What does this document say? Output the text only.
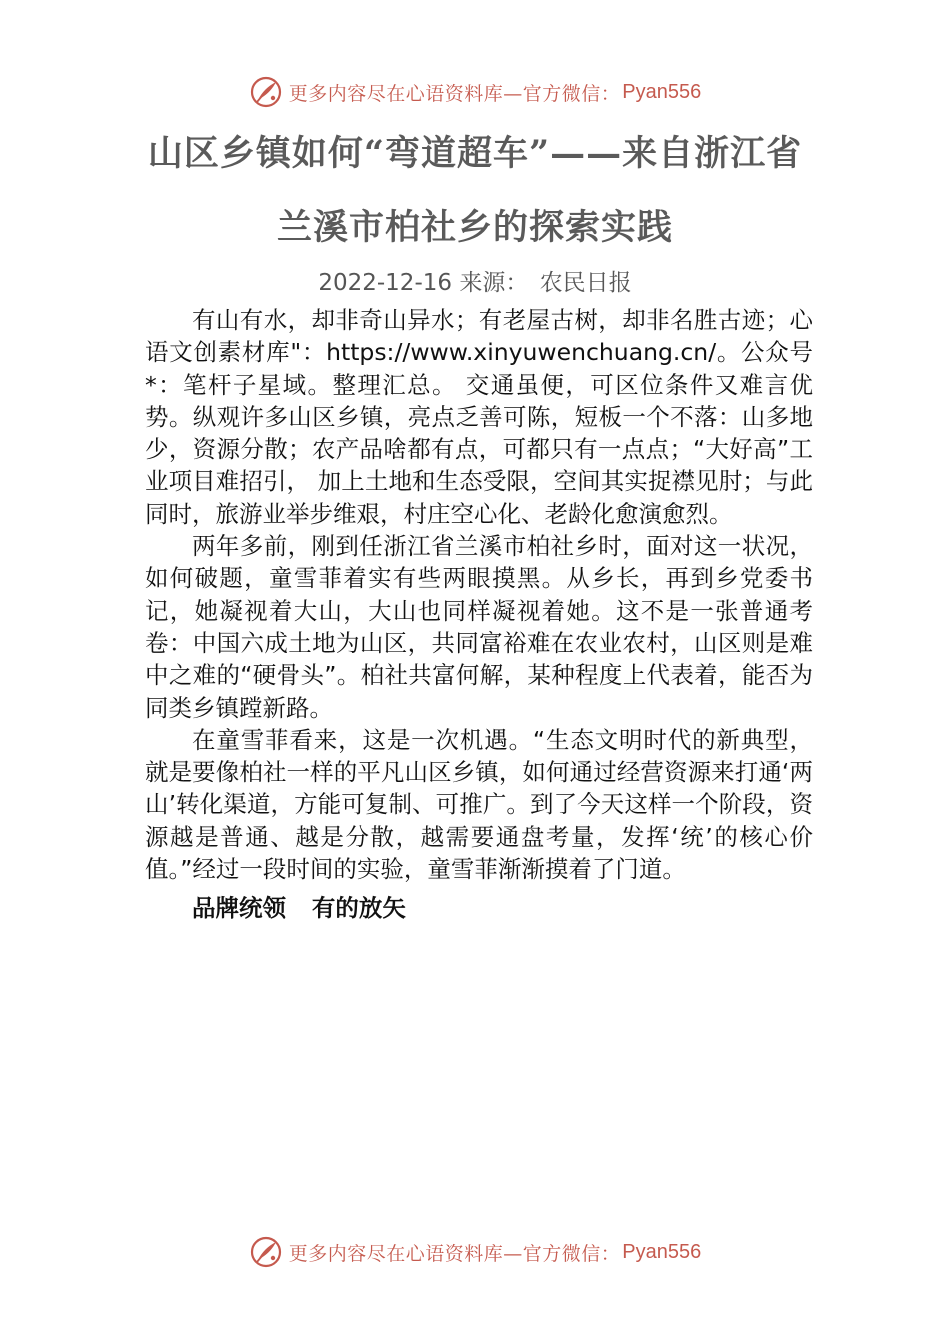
更多内容尽在心语资料库—官方微信： Pyan556
山区乡镇如何“弯道超车”——来自浙江省
兰溪市柏社乡的探索实践

2022-12-16 来源： 农民日报

有山有水，却非奇山异水；有老屋古树，却非名胜古迹；心语文创素材库"：https://www.xinyuwenchuang.cn/。公众号*：笔杆子星域。整理汇总。 交通虽便，可区位条件又难言优势。纵观许多山区乡镇，亮点乏善可陈，短板一个不落：山多地少，资源分散；农产品啥都有点，可都只有一点点；“大好高”工业项目难招引， 加上土地和生态受限，空间其实捉襟见肘；与此同时，旅游业举步维艰，村庄空心化、老龄化愈演愈烈。

两年多前，刚到任浙江省兰溪市柏社乡时，面对这一状况，如何破题，童雪菲着实有些两眼摸黑。从乡长，再到乡党委书记，她凝视着大山，大山也同样凝视着她。这不是一张普通考卷：中国六成土地为山区，共同富裕难在农业农村，山区则是难中之难的“硬骨头”。柏社共富何解，某种程度上代表着，能否为同类乡镇蹚新路。

在童雪菲看来，这是一次机遇。“生态文明时代的新典型，就是要像柏社一样的平凡山区乡镇，如何通过经营资源来打通‘两山’转化渠道，方能可复制、可推广。到了今天这样一个阶段，资源越是普通、越是分散，越需要通盘考量，发挥‘统’的核心价值。”经过一段时间的实验，童雪菲渐渐摸着了门道。

品牌统领 有的放矢

更多内容尽在心语资料库—官方微信： Pyan556
